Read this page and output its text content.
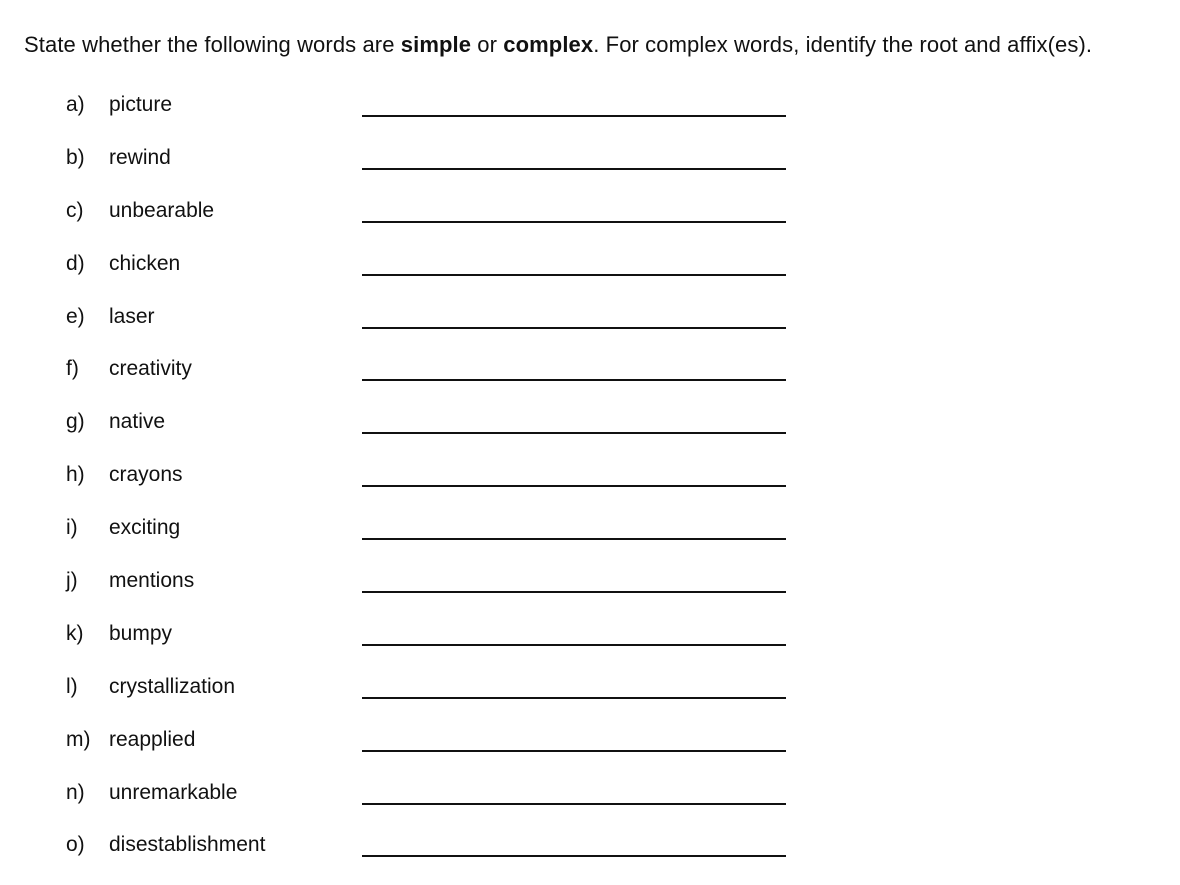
State whether the following words are simple or complex. For complex words, identify the root and affix(es).

a) picture
b) rewind
c) unbearable
d) chicken
e) laser
f) creativity
g) native
h) crayons
i) exciting
j) mentions
k) bumpy
l) crystallization
m) reapplied
n) unremarkable
o) disestablishment
